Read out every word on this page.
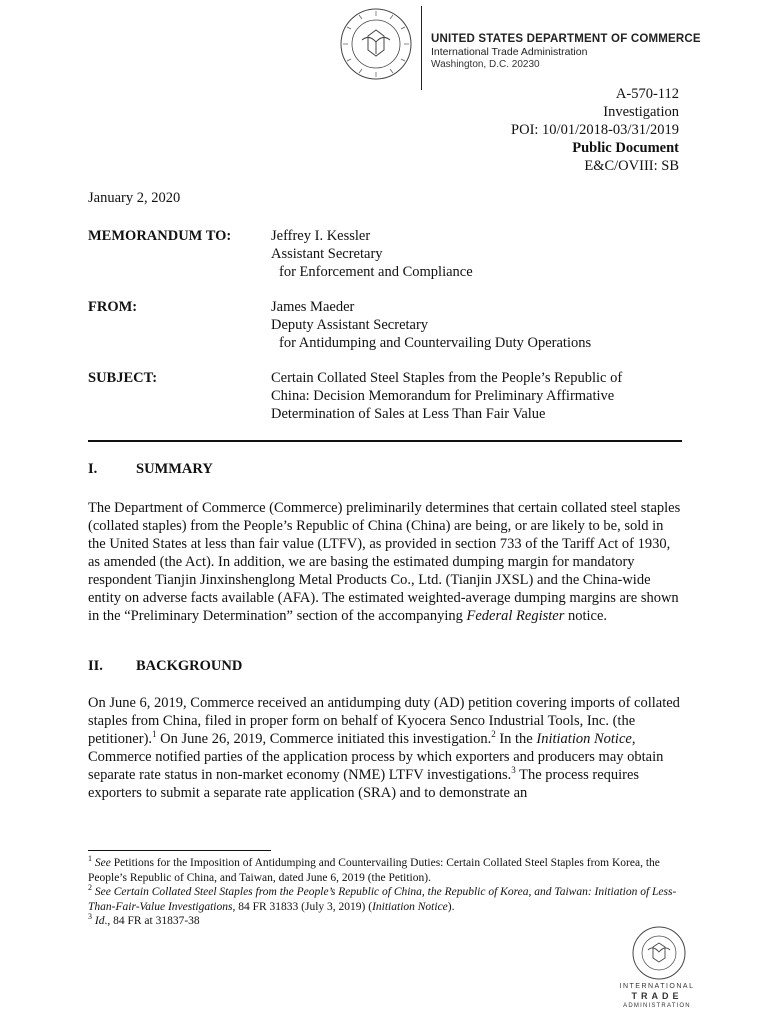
UNITED STATES DEPARTMENT OF COMMERCE
International Trade Administration
Washington, D.C. 20230
A-570-112
Investigation
POI: 10/01/2018-03/31/2019
Public Document
E&C/OVIII: SB
January 2, 2020
MEMORANDUM TO:	Jeffrey I. Kessler
Assistant Secretary
for Enforcement and Compliance
FROM:	James Maeder
Deputy Assistant Secretary
for Antidumping and Countervailing Duty Operations
SUBJECT:	Certain Collated Steel Staples from the People’s Republic of
China: Decision Memorandum for Preliminary Affirmative
Determination of Sales at Less Than Fair Value
I.	SUMMARY
The Department of Commerce (Commerce) preliminarily determines that certain collated steel staples (collated staples) from the People’s Republic of China (China) are being, or are likely to be, sold in the United States at less than fair value (LTFV), as provided in section 733 of the Tariff Act of 1930, as amended (the Act). In addition, we are basing the estimated dumping margin for mandatory respondent Tianjin Jinxinshenglong Metal Products Co., Ltd. (Tianjin JXSL) and the China-wide entity on adverse facts available (AFA). The estimated weighted-average dumping margins are shown in the “Preliminary Determination” section of the accompanying Federal Register notice.
II. BACKGROUND
On June 6, 2019, Commerce received an antidumping duty (AD) petition covering imports of collated staples from China, filed in proper form on behalf of Kyocera Senco Industrial Tools, Inc. (the petitioner).$^1$ On June 26, 2019, Commerce initiated this investigation.$^2$ In the Initiation Notice, Commerce notified parties of the application process by which exporters and producers may obtain separate rate status in non-market economy (NME) LTFV investigations.$^3$ The process requires exporters to submit a separate rate application (SRA) and to demonstrate an
$^1$ See Petitions for the Imposition of Antidumping and Countervailing Duties: Certain Collated Steel Staples from Korea, the People’s Republic of China, and Taiwan, dated June 6, 2019 (the Petition).
$^2$ See Certain Collated Steel Staples from the People’s Republic of China, the Republic of Korea, and Taiwan: Initiation of Less-Than-Fair-Value Investigations, 84 FR 31833 (July 3, 2019) (Initiation Notice).
$^3$ Id., 84 FR at 31837-38
INTERNATIONAL
TRADE
ADMINISTRATION
